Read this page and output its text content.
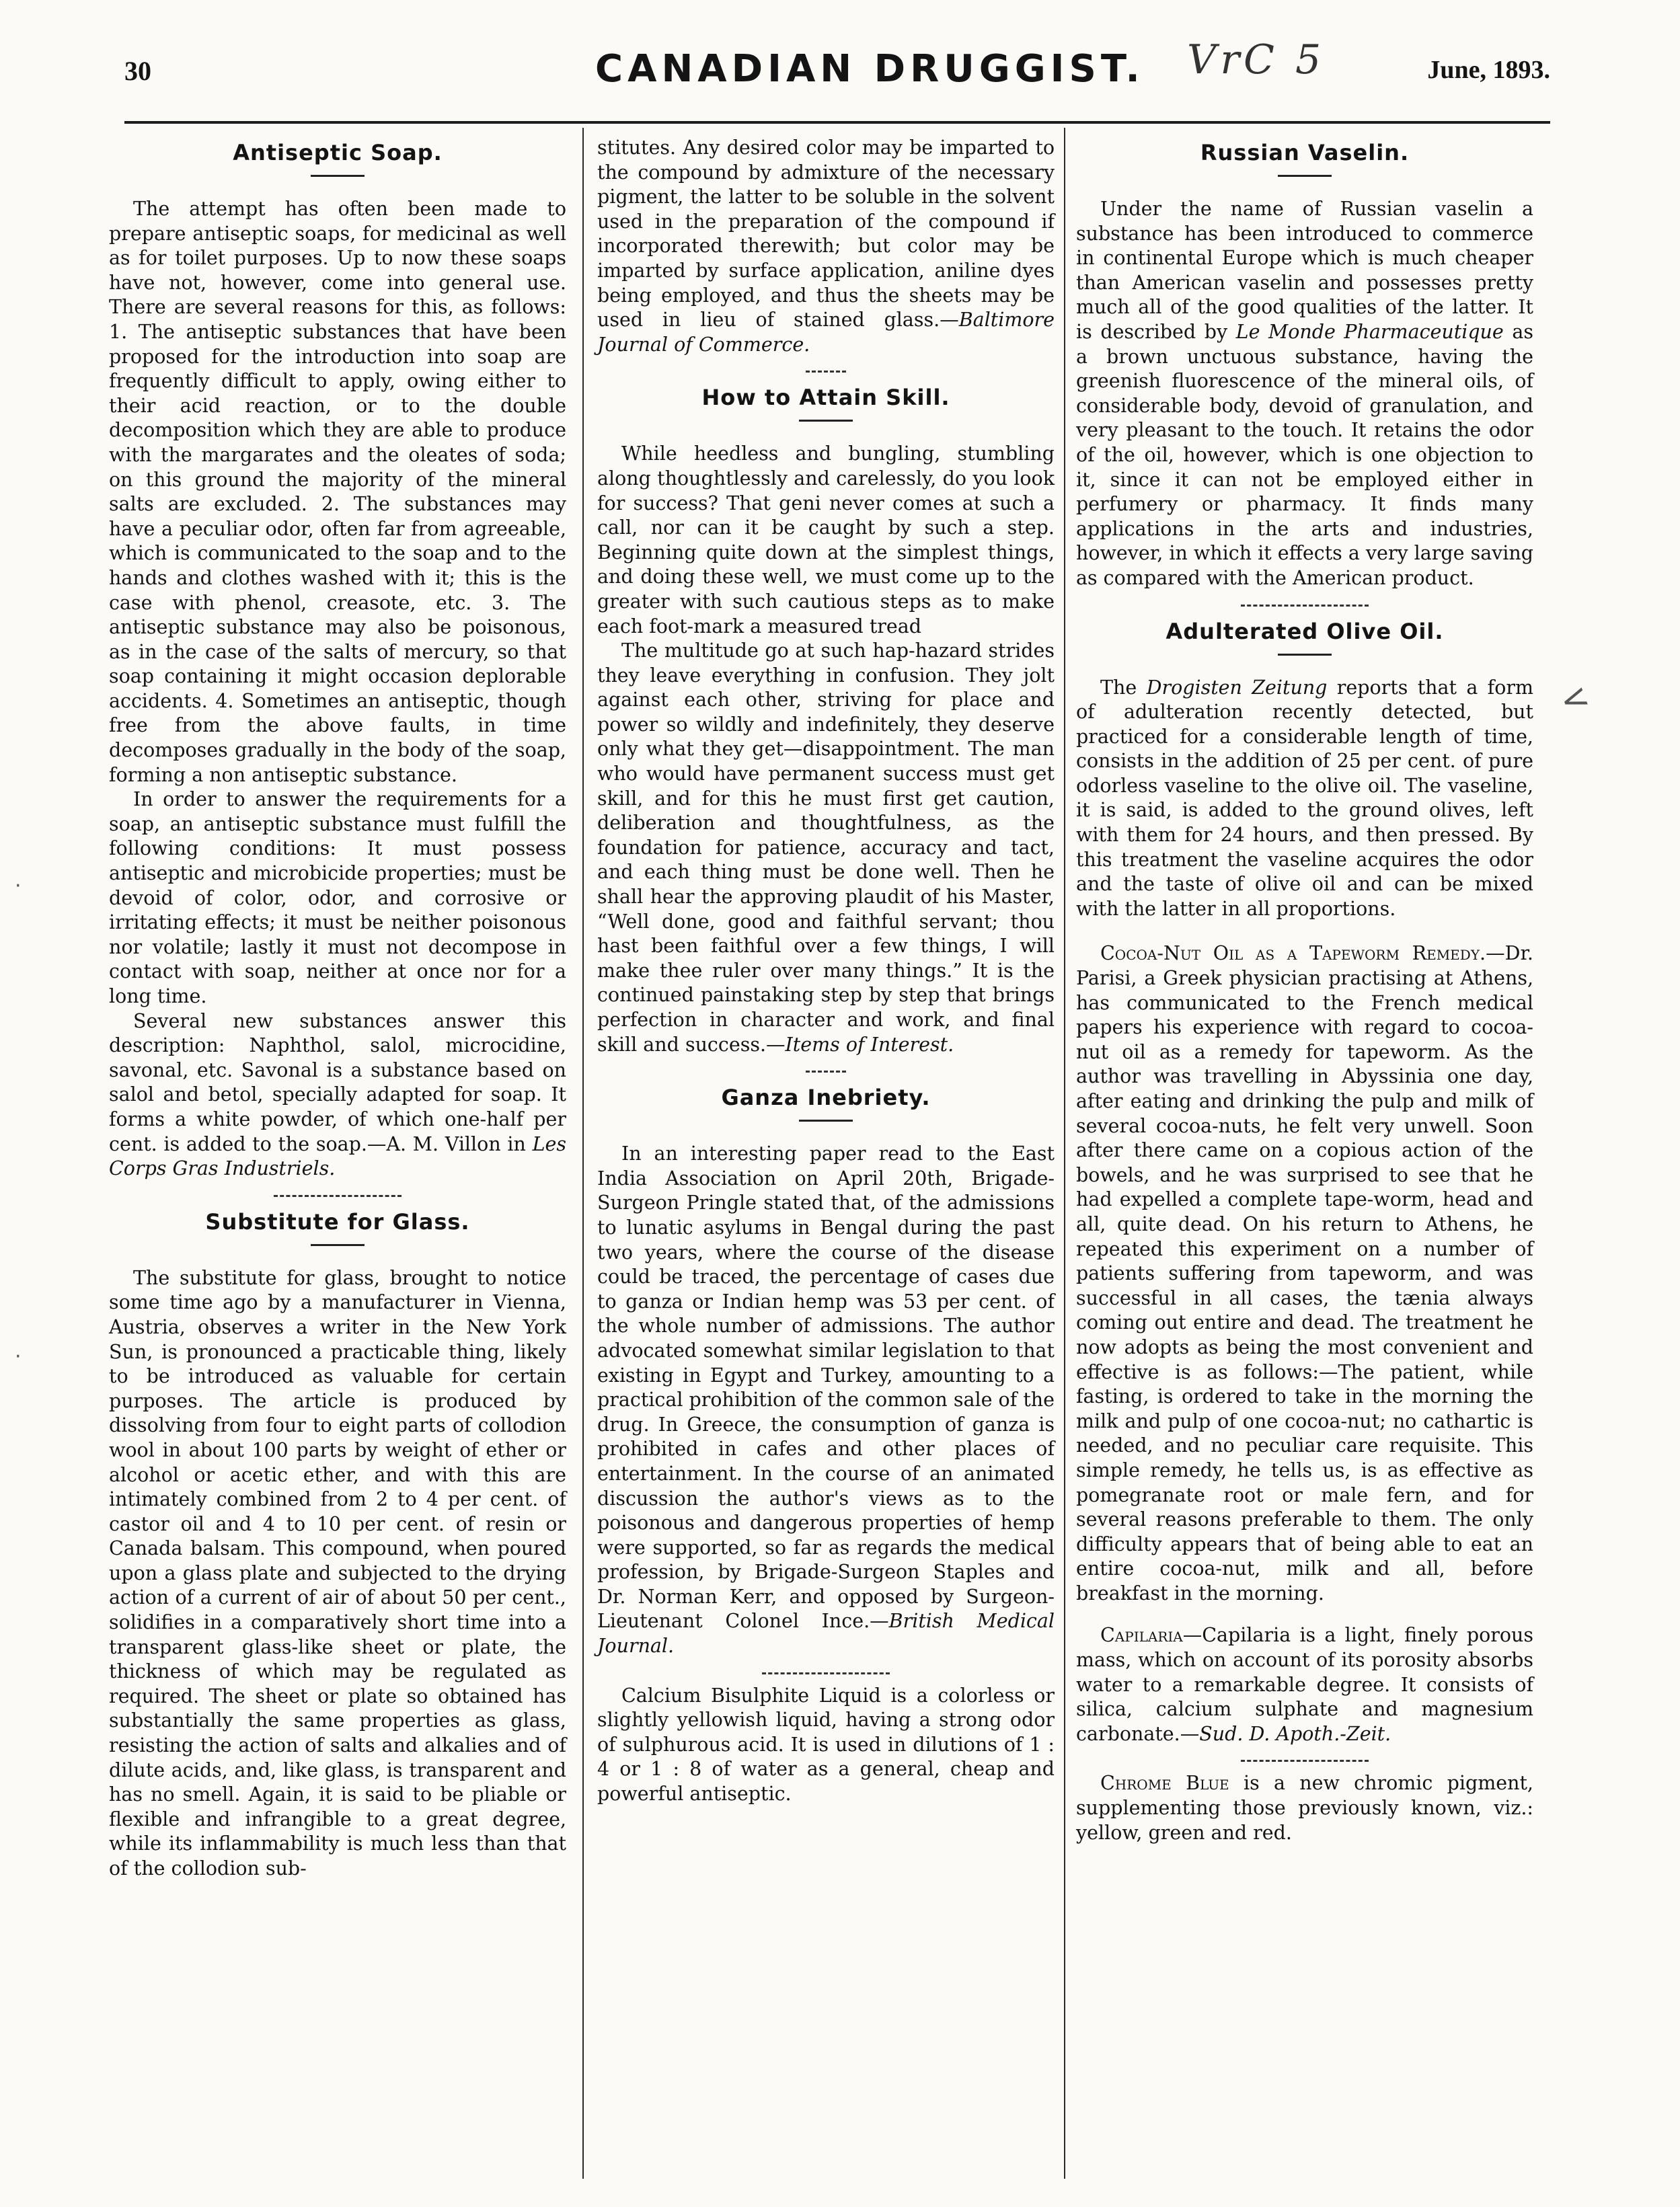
30	CANADIAN DRUGGIST. VrC 5	June, 1893.
Antiseptic Soap.

The attempt has often been made to prepare antiseptic soaps, for medicinal as well as for toilet purposes. Up to now these soaps have not, however, come into general use. There are several reasons for this, as follows: 1. The antiseptic substances that have been proposed for the introduction into soap are frequently difficult to apply, owing either to their acid reaction, or to the double decomposition which they are able to produce with the margarates and the oleates of soda; on this ground the majority of the mineral salts are excluded. 2. The substances may have a peculiar odor, often far from agreeable, which is communicated to the soap and to the hands and clothes washed with it; this is the case with phenol, creasote, etc. 3. The antiseptic substance may also be poisonous, as in the case of the salts of mercury, so that soap containing it might occasion deplorable accidents. 4. Sometimes an antiseptic, though free from the above faults, in time decomposes gradually in the body of the soap, forming a non antiseptic substance.

In order to answer the requirements for a soap, an antiseptic substance must fulfill the following conditions: It must possess antiseptic and microbicide properties; must be devoid of color, odor, and corrosive or irritating effects; it must be neither poisonous nor volatile; lastly it must not decompose in contact with soap, neither at once nor for a long time.

Several new substances answer this description: Naphthol, salol, microcidine, savonal, etc. Savonal is a substance based on salol and betol, specially adapted for soap. It forms a white powder, of which one-half per cent. is added to the soap.—A. M. Villon in Les Corps Gras Industriels.

Substitute for Glass.

The substitute for glass, brought to notice some time ago by a manufacturer in Vienna, Austria, observes a writer in the New York Sun, is pronounced a practicable thing, likely to be introduced as valuable for certain purposes. The article is produced by dissolving from four to eight parts of collodion wool in about 100 parts by weight of ether or alcohol or acetic ether, and with this are intimately combined from 2 to 4 per cent. of castor oil and 4 to 10 per cent. of resin or Canada balsam. This compound, when poured upon a glass plate and subjected to the drying action of a current of air of about 50 per cent., solidifies in a comparatively short time into a transparent glass-like sheet or plate, the thickness of which may be regulated as required. The sheet or plate so obtained has substantially the same properties as glass, resisting the action of salts and alkalies and of dilute acids, and, like glass, is transparent and has no smell. Again, it is said to be pliable or flexible and infrangible to a great degree, while its inflammability is much less than that of the collodion sub-

stitutes. Any desired color may be imparted to the compound by admixture of the necessary pigment, the latter to be soluble in the solvent used in the preparation of the compound if incorporated therewith; but color may be imparted by surface application, aniline dyes being employed, and thus the sheets may be used in lieu of stained glass.—Baltimore Journal of Commerce.

How to Attain Skill.

While heedless and bungling, stumbling along thoughtlessly and carelessly, do you look for success? That geni never comes at such a call, nor can it be caught by such a step. Beginning quite down at the simplest things, and doing these well, we must come up to the greater with such cautious steps as to make each foot-mark a measured tread

The multitude go at such hap-hazard strides they leave everything in confusion. They jolt against each other, striving for place and power so wildly and indefinitely, they deserve only what they get—disappointment. The man who would have permanent success must get skill, and for this he must first get caution, deliberation and thoughtfulness, as the foundation for patience, accuracy and tact, and each thing must be done well. Then he shall hear the approving plaudit of his Master, “Well done, good and faithful servant; thou hast been faithful over a few things, I will make thee ruler over many things.” It is the continued painstaking step by step that brings perfection in character and work, and final skill and success.—Items of Interest.

Ganza Inebriety.

In an interesting paper read to the East India Association on April 20th, Brigade-Surgeon Pringle stated that, of the admissions to lunatic asylums in Bengal during the past two years, where the course of the disease could be traced, the percentage of cases due to ganza or Indian hemp was 53 per cent. of the whole number of admissions. The author advocated somewhat similar legislation to that existing in Egypt and Turkey, amounting to a practical prohibition of the common sale of the drug. In Greece, the consumption of ganza is prohibited in cafes and other places of entertainment. In the course of an animated discussion the author's views as to the poisonous and dangerous properties of hemp were supported, so far as regards the medical profession, by Brigade-Surgeon Staples and Dr. Norman Kerr, and opposed by Surgeon-Lieutenant Colonel Ince.—British Medical Journal.

Calcium Bisulphite Liquid is a colorless or slightly yellowish liquid, having a strong odor of sulphurous acid. It is used in dilutions of 1 : 4 or 1 : 8 of water as a general, cheap and powerful antiseptic.

Russian Vaselin.

Under the name of Russian vaselin a substance has been introduced to commerce in continental Europe which is much cheaper than American vaselin and possesses pretty much all of the good qualities of the latter. It is described by Le Monde Pharmaceutique as a brown unctuous substance, having the greenish fluorescence of the mineral oils, of considerable body, devoid of granulation, and very pleasant to the touch. It retains the odor of the oil, however, which is one objection to it, since it can not be employed either in perfumery or pharmacy. It finds many applications in the arts and industries, however, in which it effects a very large saving as compared with the American product.

Adulterated Olive Oil.

The Drogisten Zeitung reports that a form of adulteration recently detected, but practiced for a considerable length of time, consists in the addition of 25 per cent. of pure odorless vaseline to the olive oil. The vaseline, it is said, is added to the ground olives, left with them for 24 hours, and then pressed. By this treatment the vaseline acquires the odor and the taste of olive oil and can be mixed with the latter in all proportions.

Cocoa-Nut Oil as a Tapeworm Remedy.—Dr. Parisi, a Greek physician practising at Athens, has communicated to the French medical papers his experience with regard to cocoa-nut oil as a remedy for tapeworm. As the author was travelling in Abyssinia one day, after eating and drinking the pulp and milk of several cocoa-nuts, he felt very unwell. Soon after there came on a copious action of the bowels, and he was surprised to see that he had expelled a complete tape-worm, head and all, quite dead. On his return to Athens, he repeated this experiment on a number of patients suffering from tapeworm, and was successful in all cases, the tænia always coming out entire and dead. The treatment he now adopts as being the most convenient and effective is as follows:—The patient, while fasting, is ordered to take in the morning the milk and pulp of one cocoa-nut; no cathartic is needed, and no peculiar care requisite. This simple remedy, he tells us, is as effective as pomegranate root or male fern, and for several reasons preferable to them. The only difficulty appears that of being able to eat an entire cocoa-nut, milk and all, before breakfast in the morning.

Capilaria—Capilaria is a light, finely porous mass, which on account of its porosity absorbs water to a remarkable degree. It consists of silica, calcium sulphate and magnesium carbonate.—Sud. D. Apoth.-Zeit.

Chrome Blue is a new chromic pigment, supplementing those previously known, viz.: yellow, green and red.

<
·
·
